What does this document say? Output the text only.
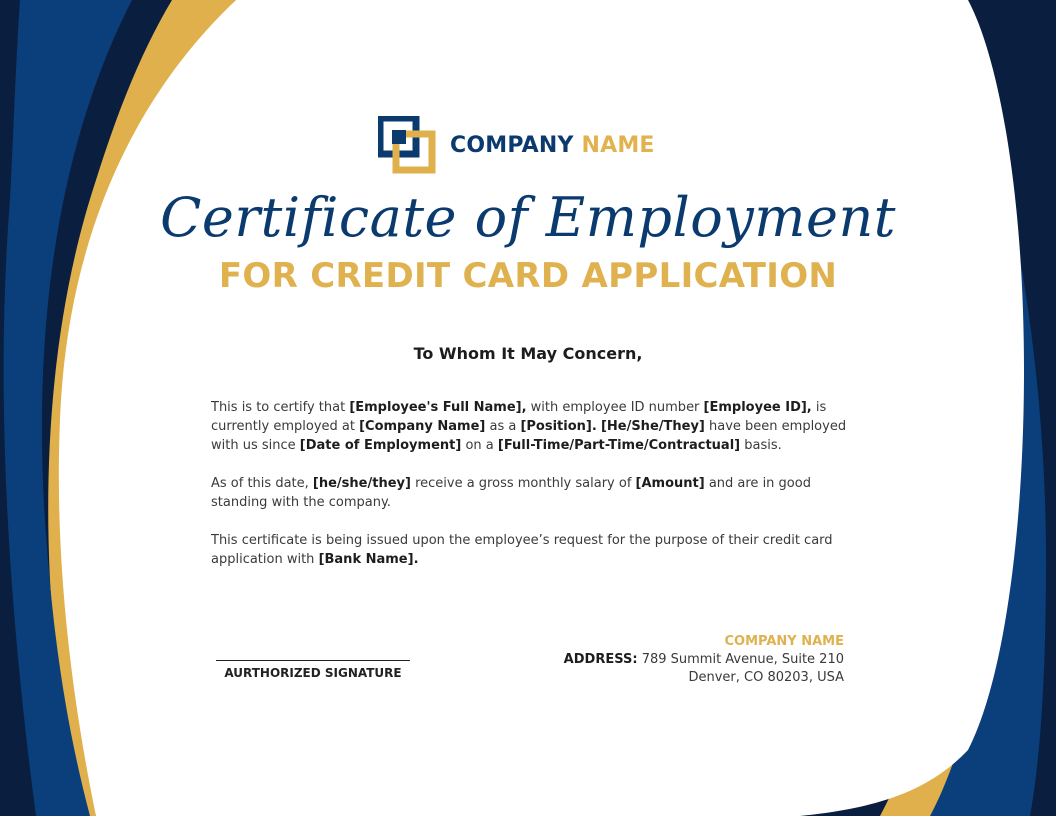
COMPANY NAME
Certificate of Employment
FOR CREDIT CARD APPLICATION
To Whom It May Concern,

This is to certify that [Employee's Full Name], with employee ID number [Employee ID], is currently employed at [Company Name] as a [Position]. [He/She/They] have been employed with us since [Date of Employment] on a [Full-Time/Part-Time/Contractual] basis.

As of this date, [he/she/they] receive a gross monthly salary of [Amount] and are in good standing with the company.

This certificate is being issued upon the employee’s request for the purpose of their credit card application with [Bank Name].

AURTHORIZED SIGNATURE
COMPANY NAME
ADDRESS: 789 Summit Avenue, Suite 210
Denver, CO 80203, USA
